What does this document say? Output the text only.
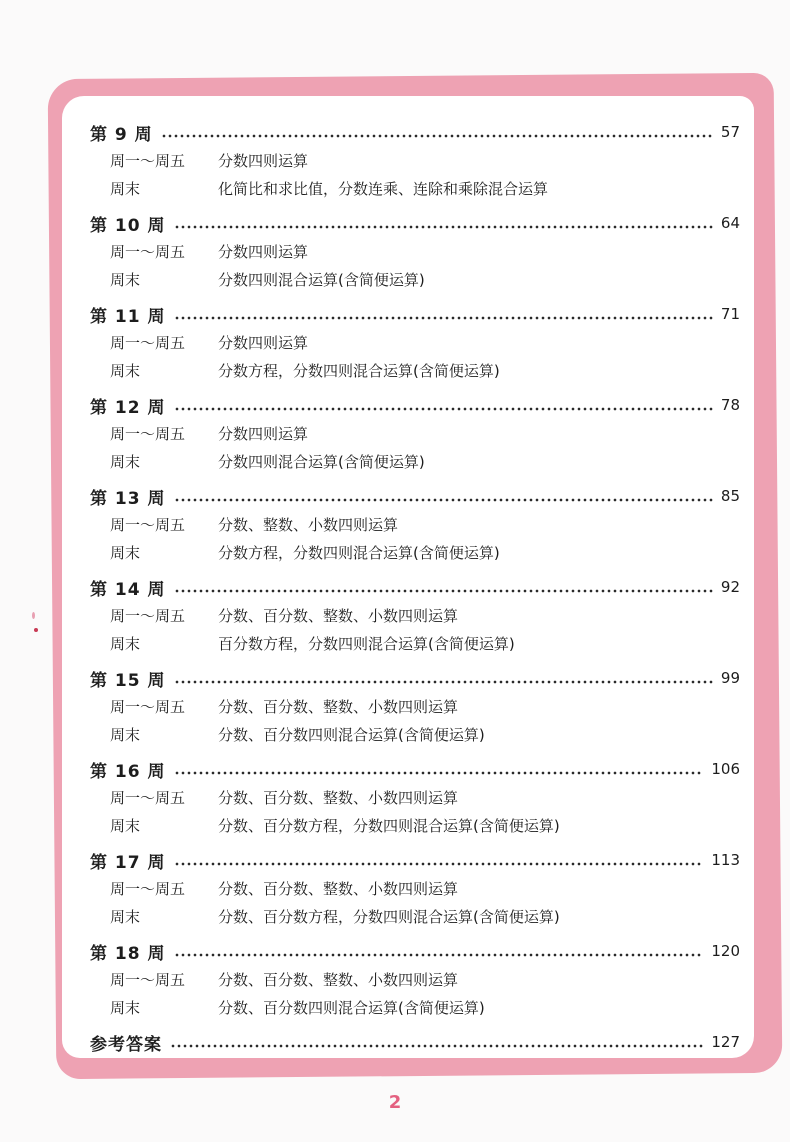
第 9 周	57
周一～周五	分数四则运算
周末	化简比和求比值，分数连乘、连除和乘除混合运算
第 10 周	64
周一～周五	分数四则运算
周末	分数四则混合运算(含简便运算)
第 11 周	71
周一～周五	分数四则运算
周末	分数方程，分数四则混合运算(含简便运算)
第 12 周	78
周一～周五	分数四则运算
周末	分数四则混合运算(含简便运算)
第 13 周	85
周一～周五	分数、整数、小数四则运算
周末	分数方程，分数四则混合运算(含简便运算)
第 14 周	92
周一～周五	分数、百分数、整数、小数四则运算
周末	百分数方程，分数四则混合运算(含简便运算)
第 15 周	99
周一～周五	分数、百分数、整数、小数四则运算
周末	分数、百分数四则混合运算(含简便运算)
第 16 周	106
周一～周五	分数、百分数、整数、小数四则运算
周末	分数、百分数方程，分数四则混合运算(含简便运算)
第 17 周	113
周一～周五	分数、百分数、整数、小数四则运算
周末	分数、百分数方程，分数四则混合运算(含简便运算)
第 18 周	120
周一～周五	分数、百分数、整数、小数四则运算
周末	分数、百分数四则混合运算(含简便运算)
参考答案	127
2
